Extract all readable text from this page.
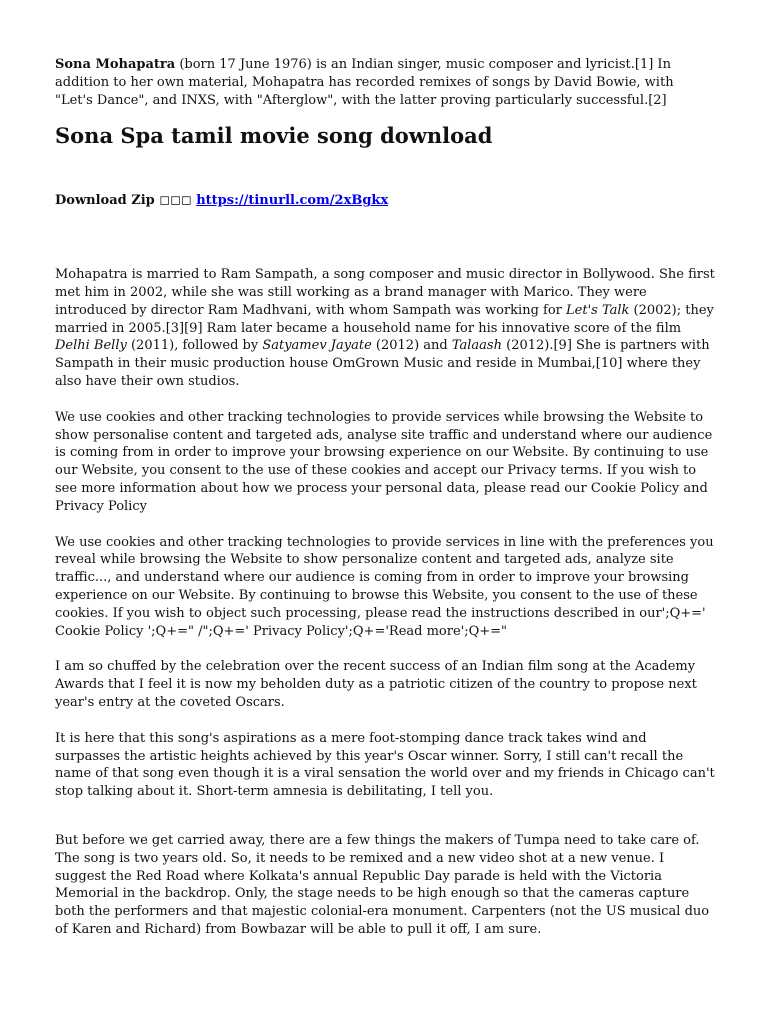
Sona Mohapatra (born 17 June 1976) is an Indian singer, music composer and lyricist.[1] In addition to her own material, Mohapatra has recorded remixes of songs by David Bowie, with "Let's Dance", and INXS, with "Afterglow", with the latter proving particularly successful.[2]

Sona Spa tamil movie song download

Download Zip ◻◻◻ https://tinurll.com/2xBgkx

Mohapatra is married to Ram Sampath, a song composer and music director in Bollywood. She first met him in 2002, while she was still working as a brand manager with Marico. They were introduced by director Ram Madhvani, with whom Sampath was working for Let's Talk (2002); they married in 2005.[3][9] Ram later became a household name for his innovative score of the film Delhi Belly (2011), followed by Satyamev Jayate (2012) and Talaash (2012).[9] She is partners with Sampath in their music production house OmGrown Music and reside in Mumbai,[10] where they also have their own studios.

We use cookies and other tracking technologies to provide services while browsing the Website to show personalise content and targeted ads, analyse site traffic and understand where our audience is coming from in order to improve your browsing experience on our Website. By continuing to use our Website, you consent to the use of these cookies and accept our Privacy terms. If you wish to see more information about how we process your personal data, please read our Cookie Policy and Privacy Policy

We use cookies and other tracking technologies to provide services in line with the preferences you reveal while browsing the Website to show personalize content and targeted ads, analyze site traffic..., and understand where our audience is coming from in order to improve your browsing experience on our Website. By continuing to browse this Website, you consent to the use of these cookies. If you wish to object such processing, please read the instructions described in our';Q+=' Cookie Policy ';Q+=" /";Q+=' Privacy Policy';Q+='Read more';Q+="

I am so chuffed by the celebration over the recent success of an Indian film song at the Academy Awards that I feel it is now my beholden duty as a patriotic citizen of the country to propose next year's entry at the coveted Oscars.

It is here that this song's aspirations as a mere foot-stomping dance track takes wind and surpasses the artistic heights achieved by this year's Oscar winner. Sorry, I still can't recall the name of that song even though it is a viral sensation the world over and my friends in Chicago can't stop talking about it. Short-term amnesia is debilitating, I tell you.

But before we get carried away, there are a few things the makers of Tumpa need to take care of. The song is two years old. So, it needs to be remixed and a new video shot at a new venue. I suggest the Red Road where Kolkata's annual Republic Day parade is held with the Victoria Memorial in the backdrop. Only, the stage needs to be high enough so that the cameras capture both the performers and that majestic colonial-era monument. Carpenters (not the US musical duo of Karen and Richard) from Bowbazar will be able to pull it off, I am sure.
